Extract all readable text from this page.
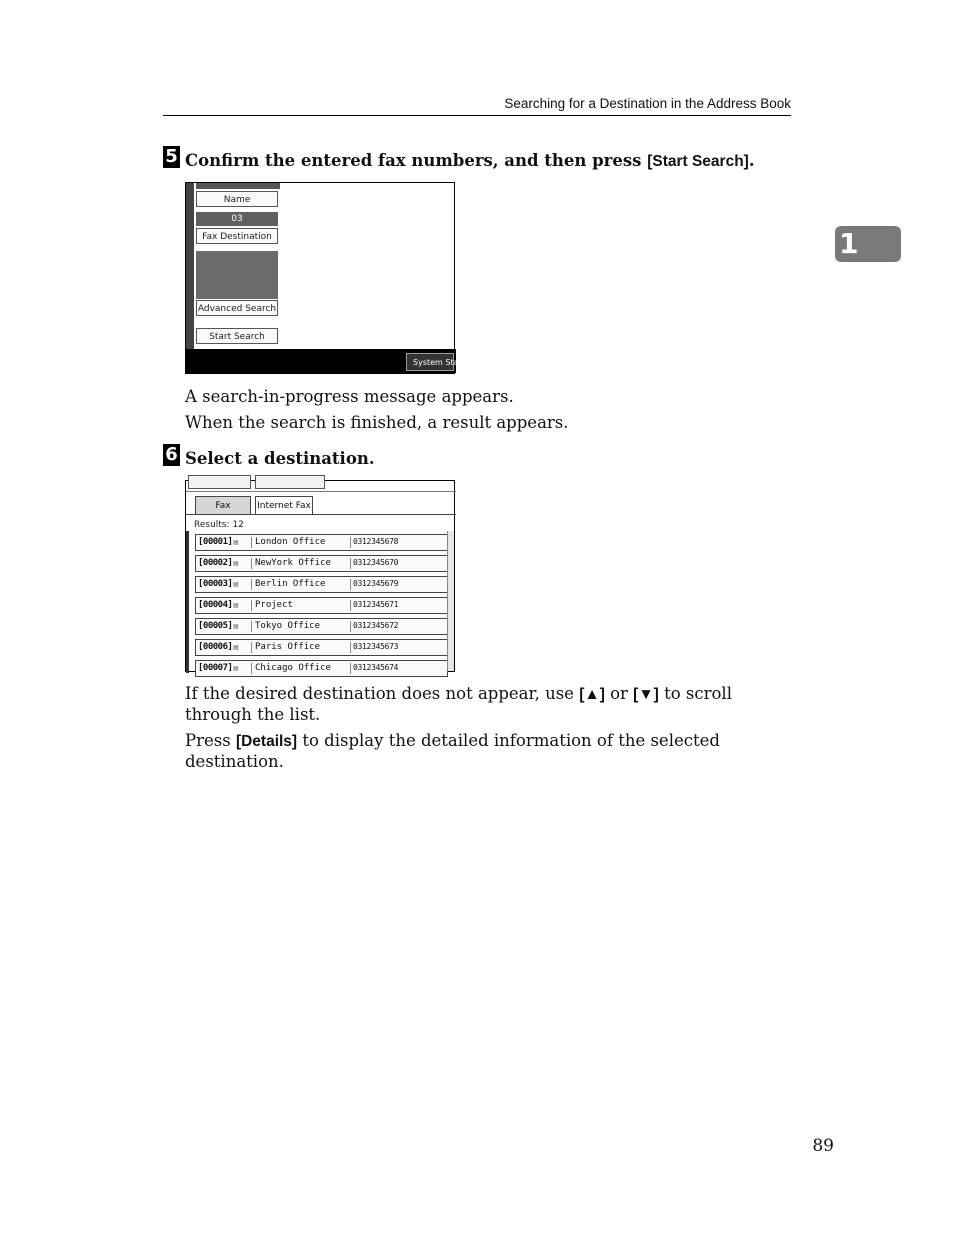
Searching for a Destination in the Address Book
1
5 Confirm the entered fax numbers, and then press [Start Search].
Name
03
Fax Destination
Advanced Search
Start Search
System Statu
A search-in-progress message appears.
When the search is finished, a result appears.
6 Select a destination.
Fax	Internet Fax
Results: 12
[00001] ▤ London Office	0312345678
[00002] ▤ NewYork Office	0312345670
[00003] ▤ Berlin Office	0312345679
[00004] ▤ Project	0312345671
[00005] ▤ Tokyo Office	0312345672
[00006] ▤ Paris Office	0312345673
[00007] ▤ Chicago Office	0312345674
If the desired destination does not appear, use [▲] or [▼] to scroll through the list.
Press [Details] to display the detailed information of the selected destination.
89
